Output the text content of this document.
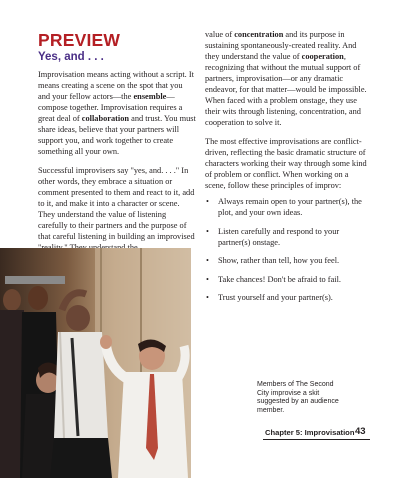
PREVIEW
Yes, and . . .

Improvisation means acting without a script. It means creating a scene on the spot that you and your fellow actors—the ensemble—compose together. Improvisation requires a great deal of collaboration and trust. You must share ideas, believe that your partners will support you, and work together to create something all your own.

Successful improvisers say "yes, and. . . ." In other words, they embrace a situation or comment presented to them and react to it, add to it, and make it into a character or scene. They understand the value of listening carefully to their partners and the purpose of that careful listening in building an improvised

value of concentration and its purpose in sustaining spontaneously-created reality. And they understand the value of cooperation, recognizing that without the mutual support of partners, improvisation—or any dramatic endeavor, for that matter—would be impossible. When faced with a problem onstage, they use their wits through listening, concentration, and cooperation to solve it.

The most effective improvisations are conflict-driven, reflecting the basic dramatic structure of characters working their way through some kind of problem or conflict. When working on a scene, follow these principles of improv:

• Always remain open to your partner(s), the plot, and your own ideas.
• Listen carefully and respond to your partner(s) onstage.
• Show, rather than tell, how you feel.
• Take chances! Don't be afraid to fail.
• Trust yourself and your partner(s).
Members of The Second City improvise a skit suggested by an audience member.
Chapter 5: Improvisation 43
